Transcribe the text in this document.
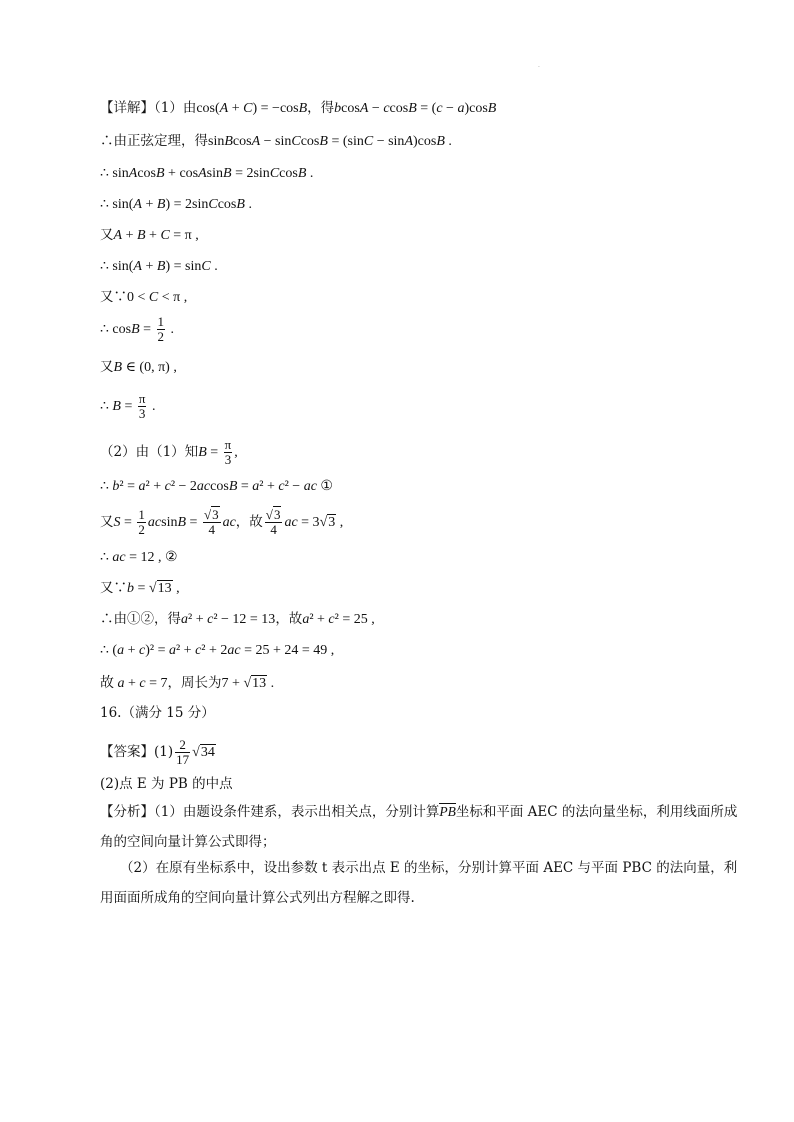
·
【详解】（1）由cos(A + C) = −cosB，得bcosA − ccosB = (c − a)cosB
∴由正弦定理，得sinBcosA − sinCcosB = (sinC − sinA)cosB .
∴ sinAcosB + cosAsinB = 2sinCcosB .
∴ sin(A + B) = 2sinCcosB .
又A + B + C = π ,
∴ sin(A + B) = sinC .
又∵0 < C < π ,
∴ $\cos B = \frac{1}{2}$ .
又B ∈ (0, π) ,
∴ $B = \frac{\pi}{3}$ .
（2）由（1）知$B = \frac{\pi}{3}$ ,
∴ b² = a² + c² − 2accosB = a² + c² − ac ①
又$S = \frac{1}{2}$ $acsinB = \frac{√3}{4}$ ac，故 $\frac{√3}{4}$ ac = 3√3 ,
∴ ac = 12 , ②
又∵b = √13 ,
∴由①②，得a² + c² − 12 = 13，故a² + c² = 25 ,
∴ (a + c)² = a² + c² + 2ac = 25 + 24 = 49 ,
故 a + c = 7，周长为7 + √13 .
16.（满分 15 分）
【答案】$(1) \frac{2}{17} √34$
(2)点 E 为 PB 的中点
【分析】（1）由题设条件建系，表示出相关点，分别计算PB坐标和平面 AEC 的法向量坐标，利用线面所成角的空间向量计算公式即得；
（2）在原有坐标系中，设出参数 t 表示出点 E 的坐标，分别计算平面 AEC 与平面 PBC 的法向量，利用面面所成角的空间向量计算公式列出方程解之即得.
